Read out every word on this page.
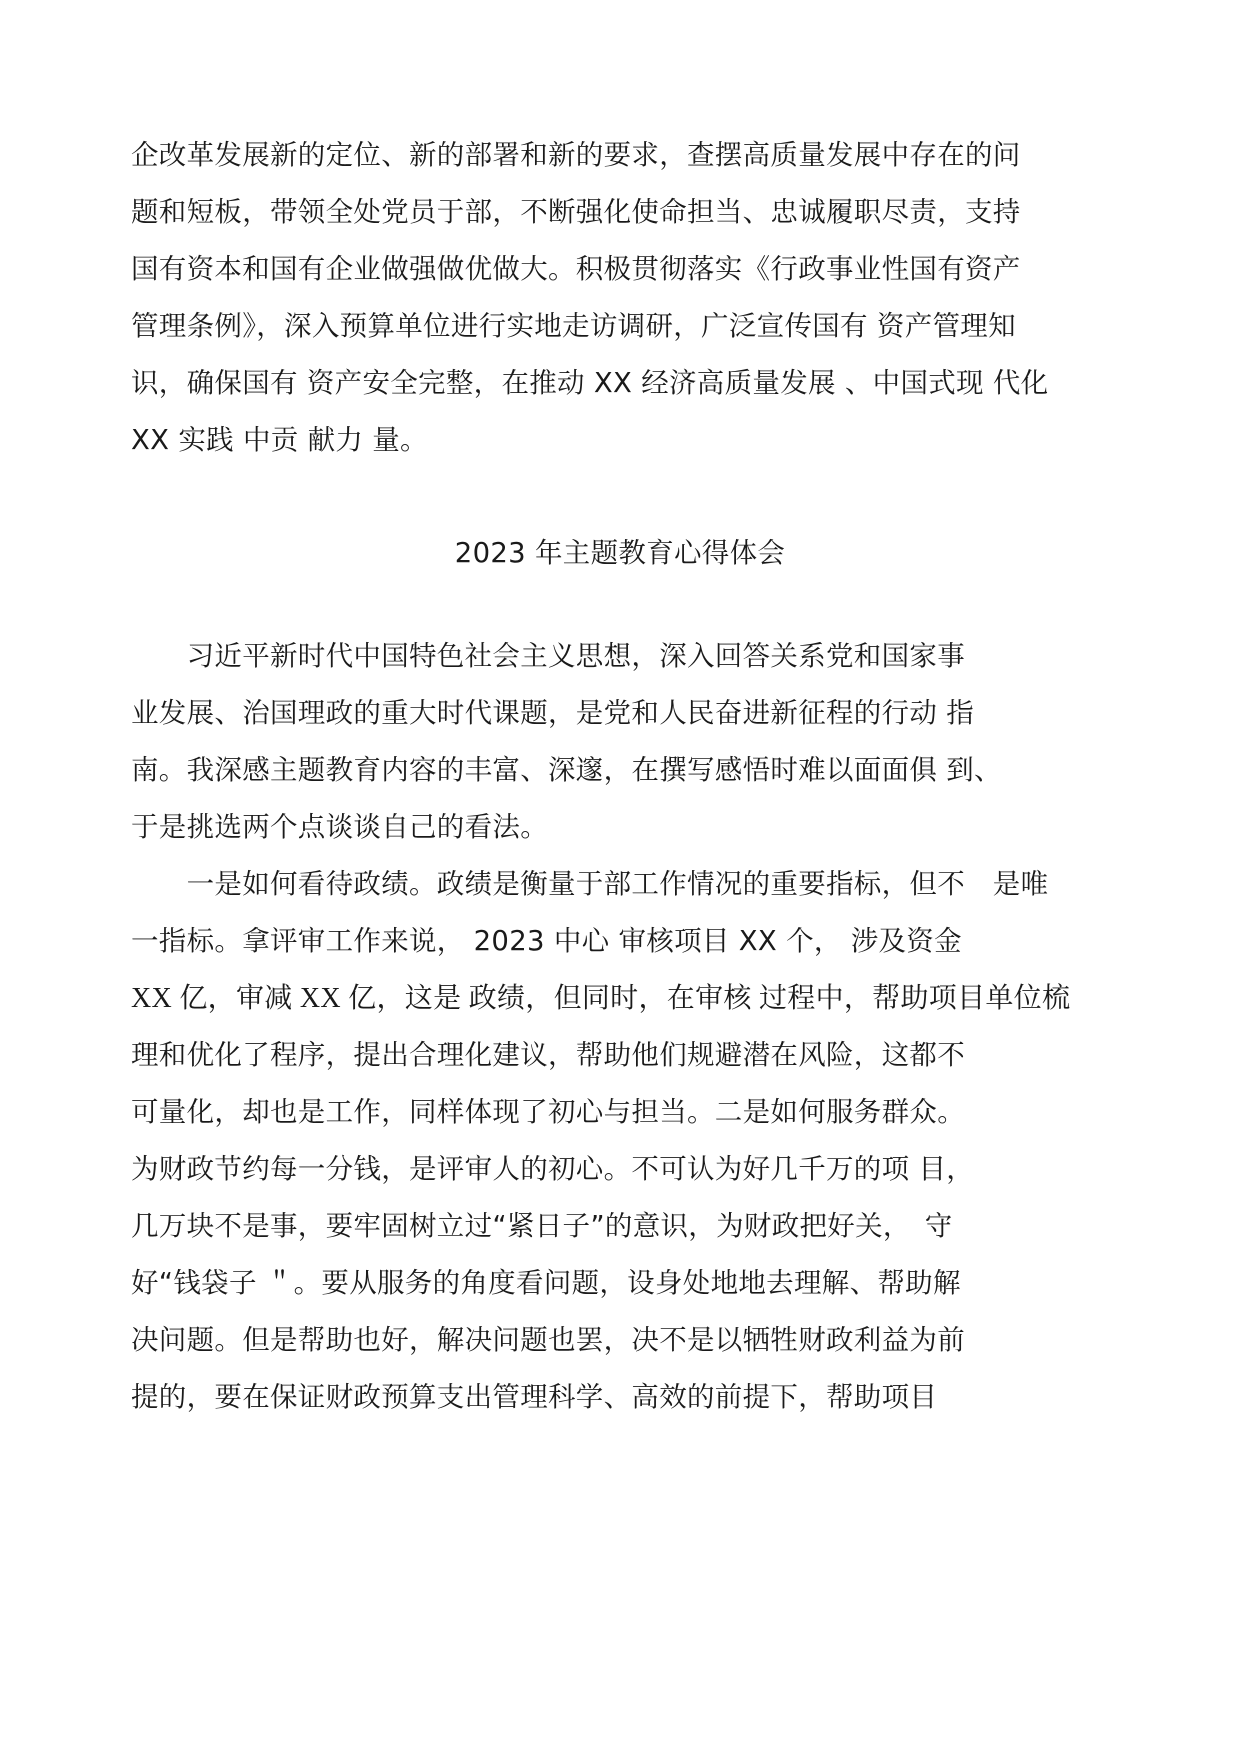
企改革发展新的定位、新的部署和新的要求，查摆高质量发展中存在的问
题和短板，带领全处党员于部，不断强化使命担当、忠诚履职尽责，支持
国有资本和国有企业做强做优做大。积极贯彻落实《行政事业性国有资产
管理条例》，深入预算单位进行实地走访调研，广泛宣传国有 资产管理知
识，确保国有 资产安全完整，在推动 XX 经济高质量发展 、中国式现 代化
XX 实践 中贡 献力 量。
2023 年主题教育心得体会
　　习近平新时代中国特色社会主义思想，深入回答关系党和国家事
业发展、治国理政的重大时代课题，是党和人民奋进新征程的行动 指
南。我深感主题教育内容的丰富、深邃，在撰写感悟时难以面面俱 到、
于是挑选两个点谈谈自己的看法。
　　一是如何看待政绩。政绩是衡量于部工作情况的重要指标，但不　是唯
一指标。拿评审工作来说， 2023 中心 审核项目 XX 个， 涉及资金
XX 亿，审减 XX 亿，这是 政绩，但同时，在审核 过程中，帮助项目单位梳
理和优化了程序，提出合理化建议，帮助他们规避潜在风险，这都不
可量化，却也是工作，同样体现了初心与担当。二是如何服务群众。
为财政节约每一分钱，是评审人的初心。不可认为好几千万的项 目，
几万块不是事，要牢固树立过“紧日子”的意识，为财政把好关，　守
好“钱袋子 ＂。要从服务的角度看问题，设身处地地去理解、帮助解
决问题。但是帮助也好，解决问题也罢，决不是以牺牲财政利益为前
提的，要在保证财政预算支出管理科学、高效的前提下，帮助项目
